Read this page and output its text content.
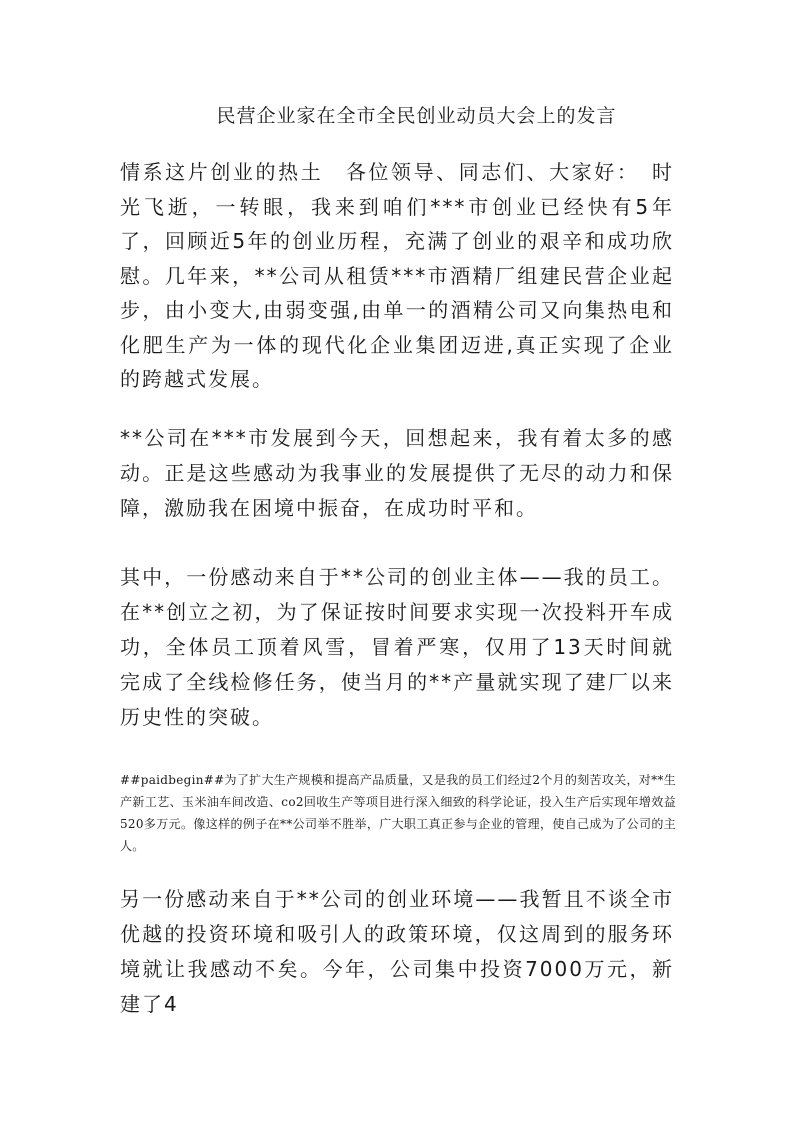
民营企业家在全市全民创业动员大会上的发言

情系这片创业的热土　各位领导、同志们、大家好：　时光飞逝，一转眼，我来到咱们***市创业已经快有5年了，回顾近5年的创业历程，充满了创业的艰辛和成功欣慰。几年来，**公司从租赁***市酒精厂组建民营企业起步，由小变大,由弱变强,由单一的酒精公司又向集热电和化肥生产为一体的现代化企业集团迈进,真正实现了企业的跨越式发展。

**公司在***市发展到今天，回想起来，我有着太多的感动。正是这些感动为我事业的发展提供了无尽的动力和保障，激励我在困境中振奋，在成功时平和。

其中，一份感动来自于**公司的创业主体——我的员工。在**创立之初，为了保证按时间要求实现一次投料开车成功，全体员工顶着风雪，冒着严寒，仅用了13天时间就完成了全线检修任务，使当月的**产量就实现了建厂以来历史性的突破。

##paidbegin##为了扩大生产规模和提高产品质量，又是我的员工们经过2个月的刻苦攻关，对**生产新工艺、玉米油车间改造、co2回收生产等项目进行深入细致的科学论证，投入生产后实现年增效益520多万元。像这样的例子在**公司举不胜举，广大职工真正参与企业的管理，使自己成为了公司的主人。

另一份感动来自于**公司的创业环境——我暂且不谈全市优越的投资环境和吸引人的政策环境，仅这周到的服务环境就让我感动不矣。今年，公司集中投资7000万元，新建了4
